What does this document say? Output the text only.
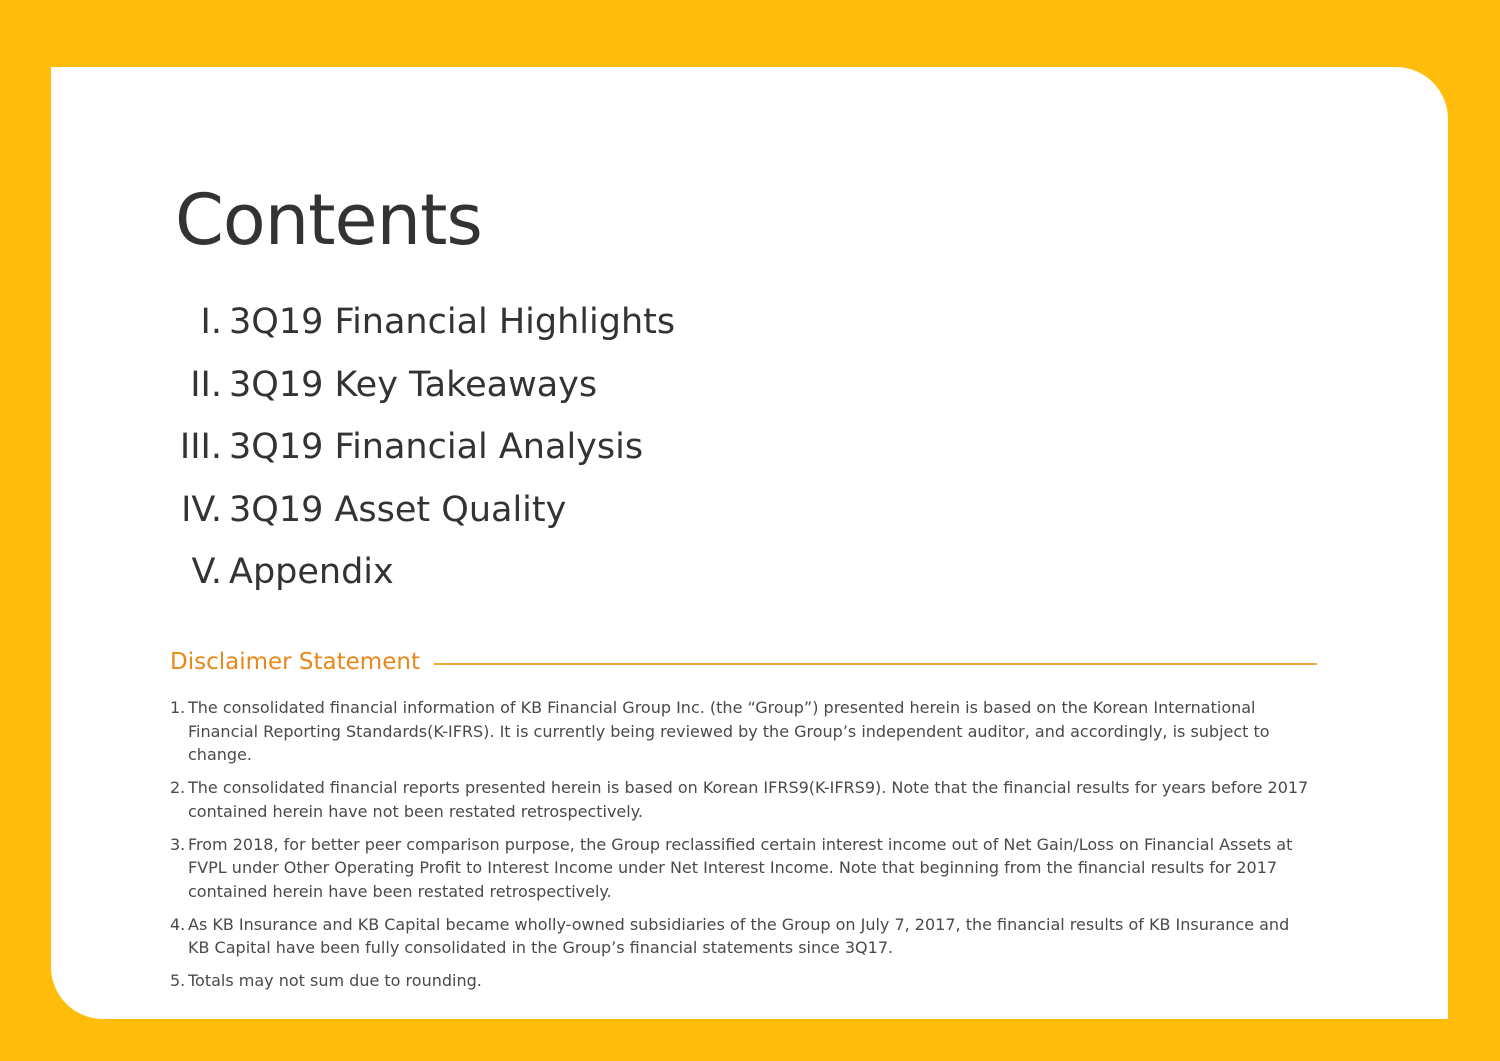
Contents
I. 3Q19 Financial Highlights
II. 3Q19 Key Takeaways
III. 3Q19 Financial Analysis
IV. 3Q19 Asset Quality
V. Appendix
Disclaimer Statement
1. The consolidated financial information of KB Financial Group Inc. (the “Group”) presented herein is based on the Korean International Financial Reporting Standards(K-IFRS). It is currently being reviewed by the Group’s independent auditor, and accordingly, is subject to change.
2. The consolidated financial reports presented herein is based on Korean IFRS9(K-IFRS9). Note that the financial results for years before 2017 contained herein have not been restated retrospectively.
3. From 2018, for better peer comparison purpose, the Group reclassified certain interest income out of Net Gain/Loss on Financial Assets at FVPL under Other Operating Profit to Interest Income under Net Interest Income. Note that beginning from the financial results for 2017 contained herein have been restated retrospectively.
4. As KB Insurance and KB Capital became wholly-owned subsidiaries of the Group on July 7, 2017, the financial results of KB Insurance and KB Capital have been fully consolidated in the Group’s financial statements since 3Q17.
5. Totals may not sum due to rounding.
